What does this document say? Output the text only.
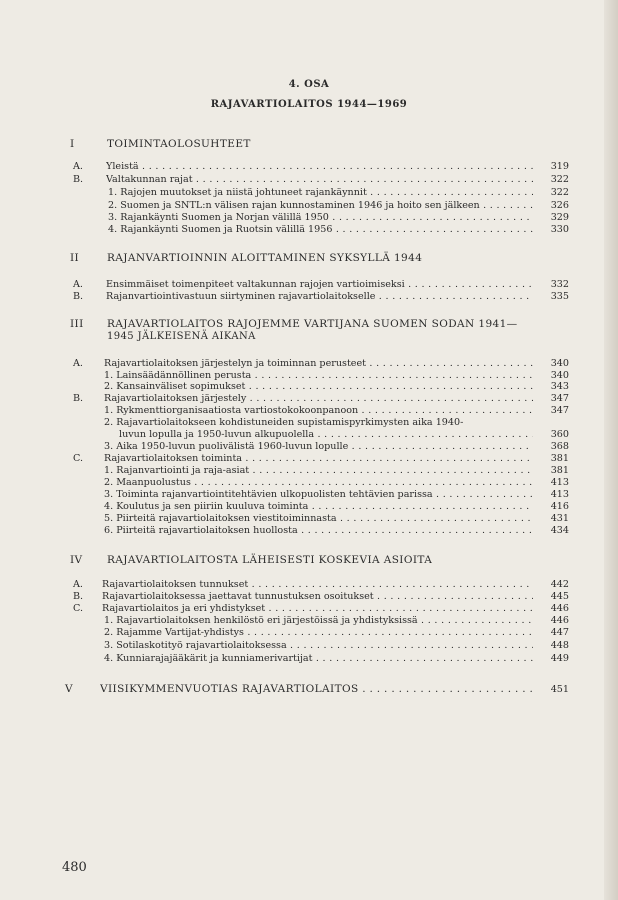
4. OSA
RAJAVARTIOLAITOS 1944—1969
I	TOIMINTAOLOSUHTEET
A. Yleistä . . .	319
B. Valtakunnan rajat . . .	322
1. Rajojen muutokset ja niistä johtuneet rajankäynnit . . .	322
2. Suomen ja SNTL:n välisen rajan kunnostaminen 1946 ja hoito sen jälkeen . . .	326
3. Rajankäynti Suomen ja Norjan välillä 1950 . . .	329
4. Rajankäynti Suomen ja Ruotsin välillä 1956 . . .	330
II	RAJANVARTIOINNIN ALOITTAMINEN SYKSYLLÄ 1944
A. Ensimmäiset toimenpiteet valtakunnan rajojen vartioimiseksi . . .	332
B. Rajanvartiointivastuun siirtyminen rajavartiolaitokselle . . .	335
III RAJAVARTIOLAITOS RAJOJEMME VARTIJANA SUOMEN SODAN 1941—
1945 JÄLKEISENÄ AIKANA
A. Rajavartiolaitoksen järjestelyn ja toiminnan perusteet . . .	340
1. Lainsäädännöllinen perusta . . .	340
2. Kansainväliset sopimukset . . .	343
B. Rajavartiolaitoksen järjestely . . .	347
1. Rykmenttiorganisaatiosta vartiostokokoonpanoon . . .	347
2. Rajavartiolaitokseen kohdistuneiden supistamispyrkimysten aika 1940-
luvun lopulla ja 1950-luvun alkupuolella . . .	360
3. Aika 1950-luvun puolivälistä 1960-luvun lopulle . . .	368
C. Rajavartiolaitoksen toiminta . . .	381
1. Rajanvartiointi ja raja-asiat . . .	381
2. Maanpuolustus . . .	413
3. Toiminta rajanvartiointitehtävien ulkopuolisten tehtävien parissa . . .	413
4. Koulutus ja sen piiriin kuuluva toiminta . . .	416
5. Piirteitä rajavartiolaitoksen viestitoiminnasta . . .	431
6. Piirteitä rajavartiolaitoksen huollosta . . .	434
IV RAJAVARTIOLAITOSTA LÄHEISESTI KOSKEVIA ASIOITA
A. Rajavartiolaitoksen tunnukset . . .	442
B. Rajavartiolaitoksessa jaettavat tunnustuksen osoitukset . . .	445
C. Rajavartiolaitos ja eri yhdistykset . . .	446
1. Rajavartiolaitoksen henkilöstö eri järjestöissä ja yhdistyksissä . . .	446
2. Rajamme Vartijat-yhdistys . . .	447
3. Sotilaskotityö rajavartiolaitoksessa . . .	448
4. Kunniarajajääkärit ja kunniamerivartijat . . .	449
V	VIISIKYMMENVUOTIAS RAJAVARTIOLAITOS . . .	451
480
